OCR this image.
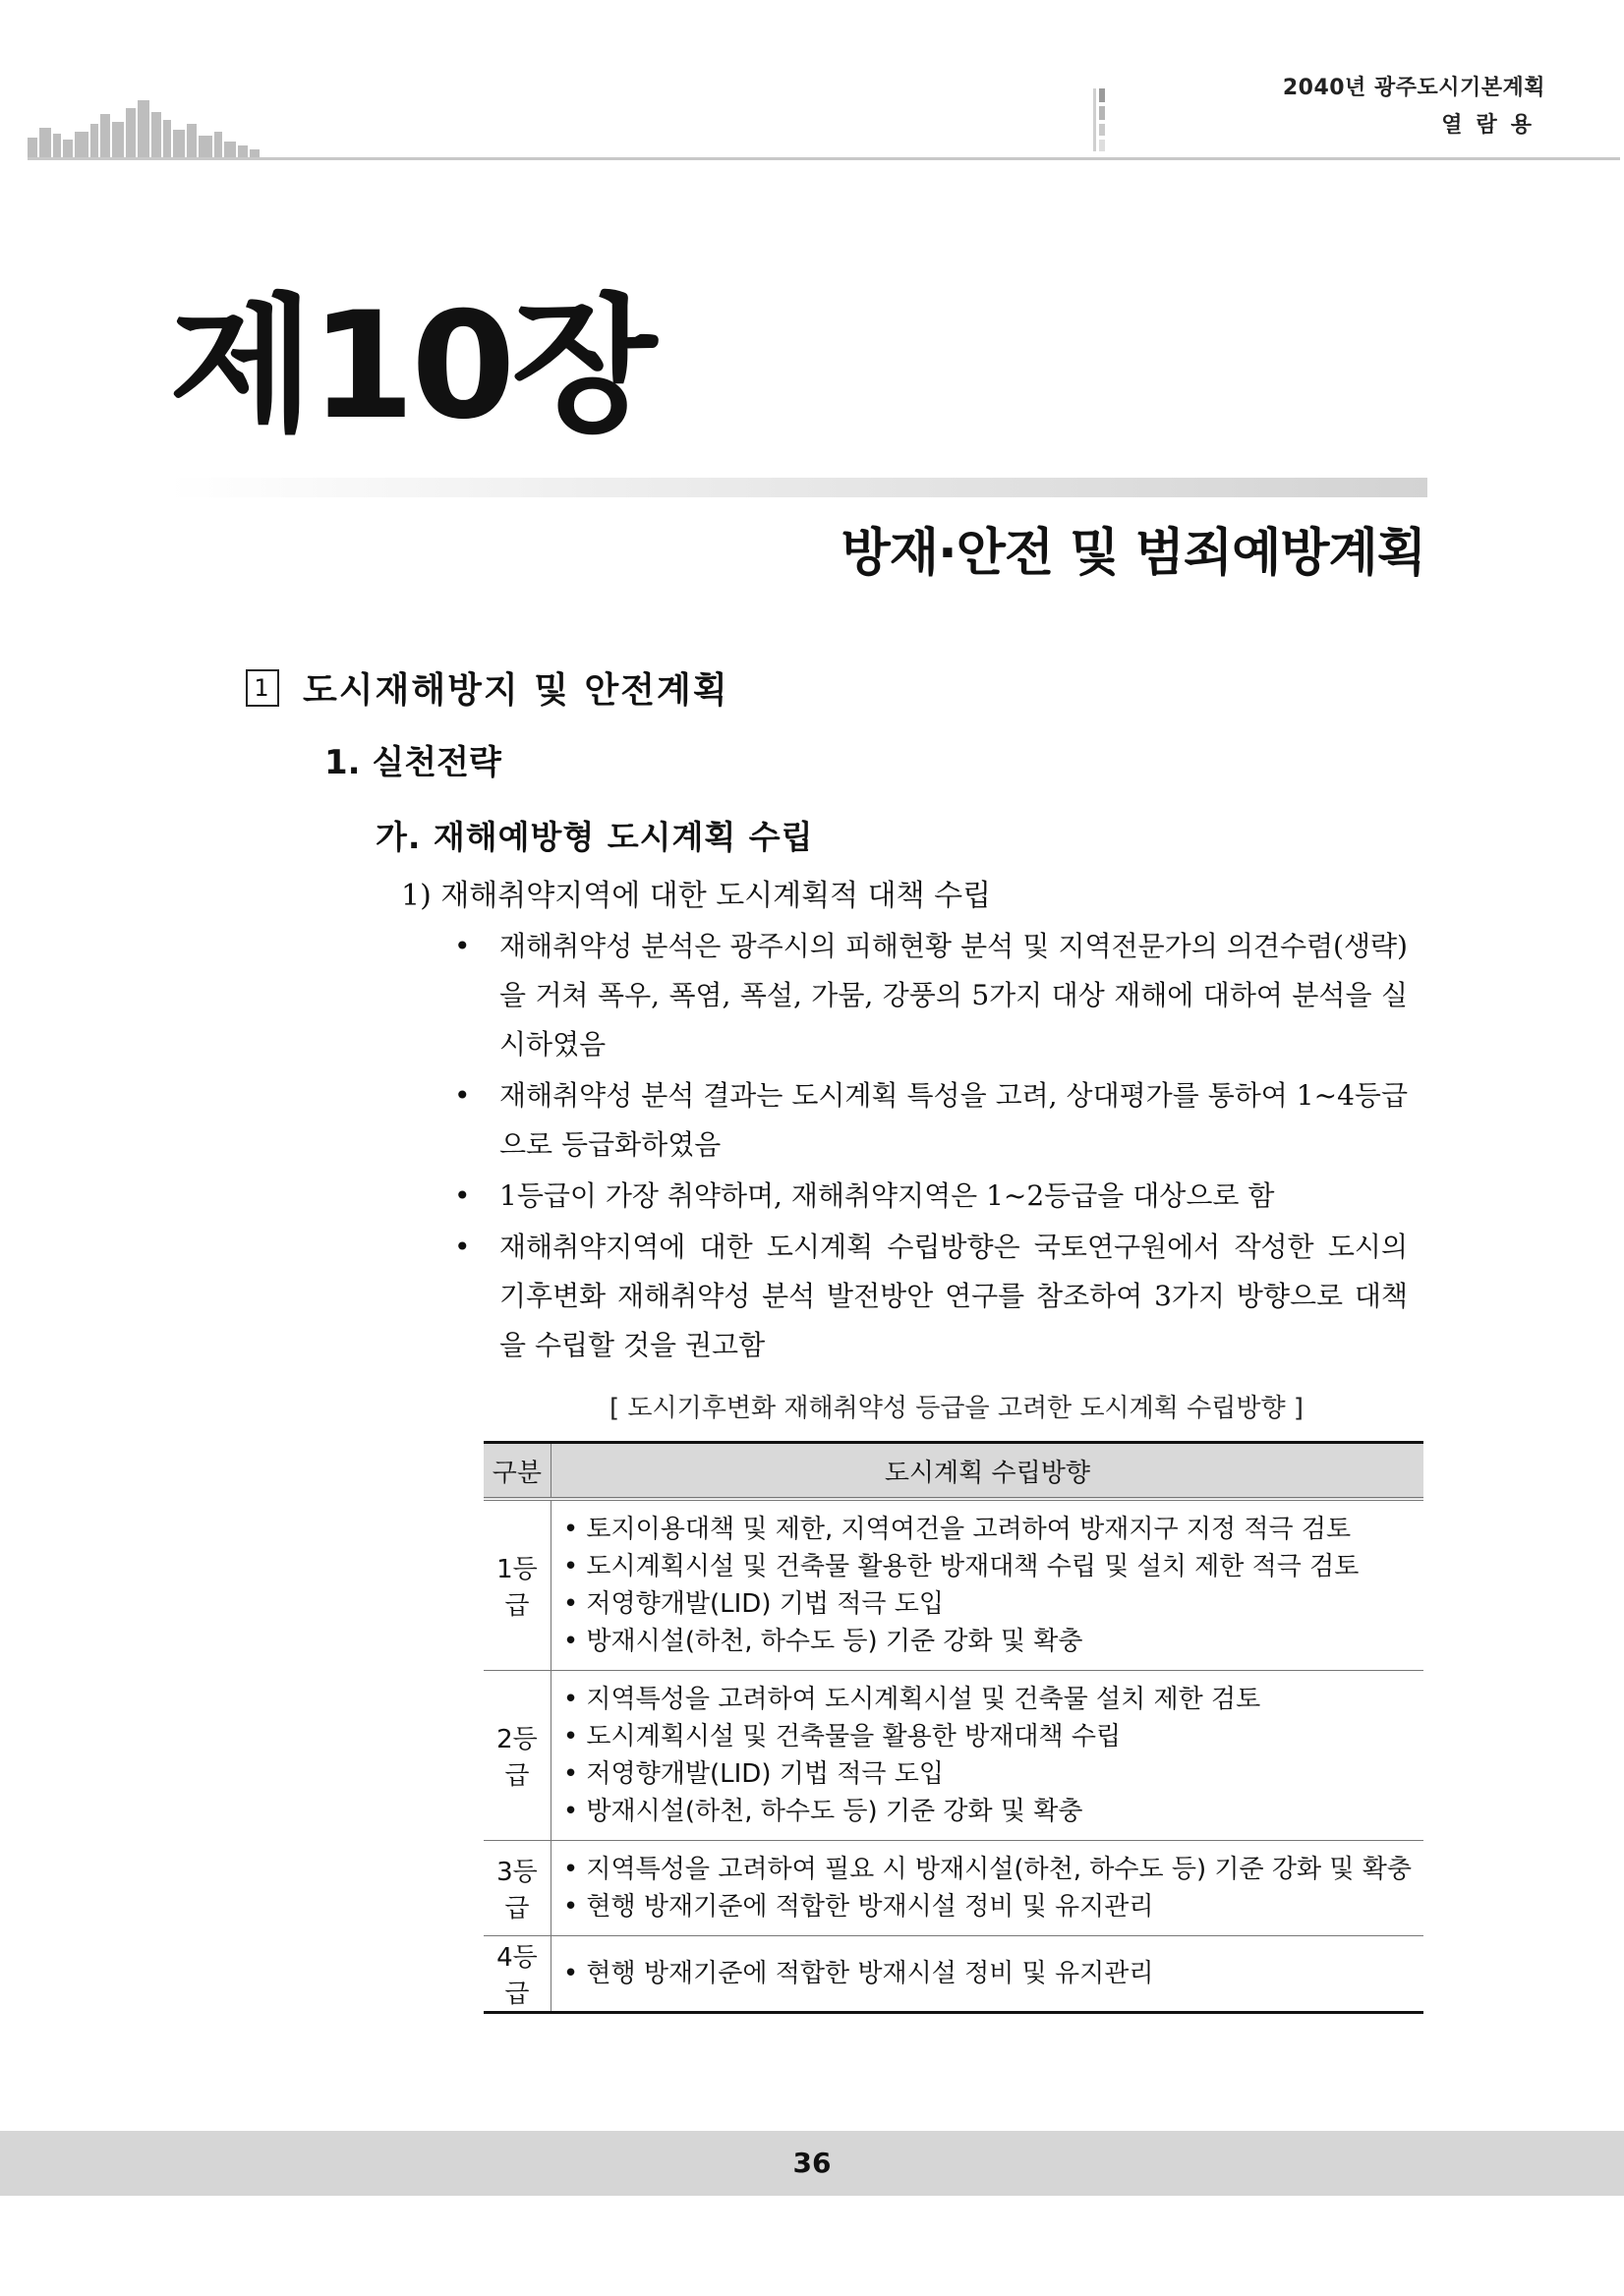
2040년 광주도시기본계획
열람용
제10장
방재·안전 및 범죄예방계획
1 도시재해방지 및 안전계획
1. 실천전략
가. 재해예방형 도시계획 수립
1) 재해취약지역에 대한 도시계획적 대책 수립
• 재해취약성 분석은 광주시의 피해현황 분석 및 지역전문가의 의견수렴(생략)을 거쳐 폭우, 폭염, 폭설, 가뭄, 강풍의 5가지 대상 재해에 대하여 분석을 실시하였음
• 재해취약성 분석 결과는 도시계획 특성을 고려, 상대평가를 통하여 1~4등급으로 등급화하였음
• 1등급이 가장 취약하며, 재해취약지역은 1~2등급을 대상으로 함
• 재해취약지역에 대한 도시계획 수립방향은 국토연구원에서 작성한 도시의 기후변화 재해취약성 분석 발전방안 연구를 참조하여 3가지 방향으로 대책을 수립할 것을 권고함
[ 도시기후변화 재해취약성 등급을 고려한 도시계획 수립방향 ]
구분	도시계획 수립방향
1등급	• 토지이용대책 및 제한, 지역여건을 고려하여 방재지구 지정 적극 검토
• 도시계획시설 및 건축물 활용한 방재대책 수립 및 설치 제한 적극 검토
• 저영향개발(LID) 기법 적극 도입
• 방재시설(하천, 하수도 등) 기준 강화 및 확충

2등급	• 지역특성을 고려하여 도시계획시설 및 건축물 설치 제한 검토
• 도시계획시설 및 건축물을 활용한 방재대책 수립
• 저영향개발(LID) 기법 적극 도입
• 방재시설(하천, 하수도 등) 기준 강화 및 확충

3등급	• 지역특성을 고려하여 필요 시 방재시설(하천, 하수도 등) 기준 강화 및 확충
• 현행 방재기준에 적합한 방재시설 정비 및 유지관리

4등급	• 현행 방재기준에 적합한 방재시설 정비 및 유지관리
36
